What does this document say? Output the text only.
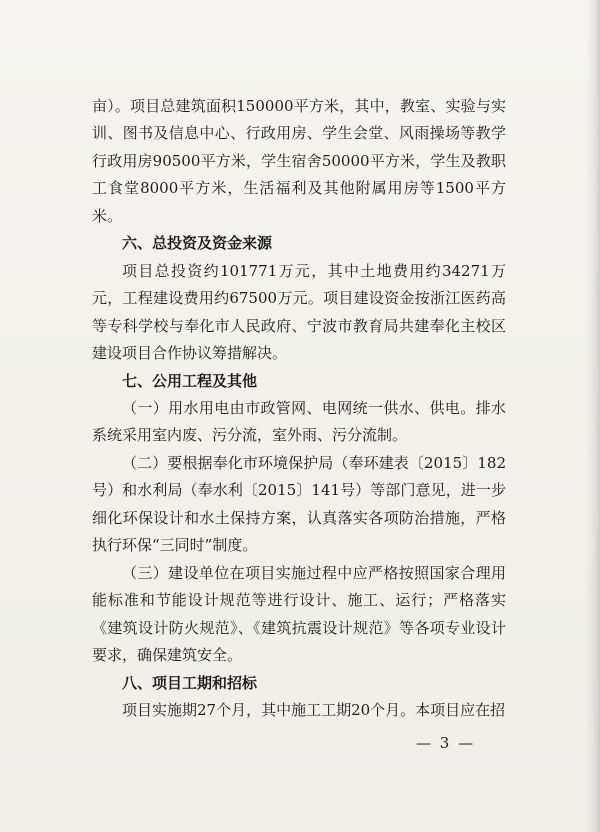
亩）。项目总建筑面积150000平方米，其中，教室、实验与实训、图书及信息中心、行政用房、学生会堂、风雨操场等教学行政用房90500平方米，学生宿舍50000平方米，学生及教职工食堂8000平方米，生活福利及其他附属用房等1500平方米。

六、总投资及资金来源

项目总投资约101771万元，其中土地费用约34271万元，工程建设费用约67500万元。项目建设资金按浙江医药高等专科学校与奉化市人民政府、宁波市教育局共建奉化主校区建设项目合作协议筹措解决。

七、公用工程及其他

（一）用水用电由市政管网、电网统一供水、供电。排水系统采用室内废、污分流，室外雨、污分流制。

（二）要根据奉化市环境保护局（奉环建表〔2015〕182号）和水利局（奉水利〔2015〕141号）等部门意见，进一步细化环保设计和水土保持方案，认真落实各项防治措施，严格执行环保“三同时”制度。

（三）建设单位在项目实施过程中应严格按照国家合理用能标准和节能设计规范等进行设计、施工、运行；严格落实《建筑设计防火规范》、《建筑抗震设计规范》等各项专业设计要求，确保建筑安全。

八、项目工期和招标

项目实施期27个月，其中施工工期20个月。本项目应在招

— 3 —
